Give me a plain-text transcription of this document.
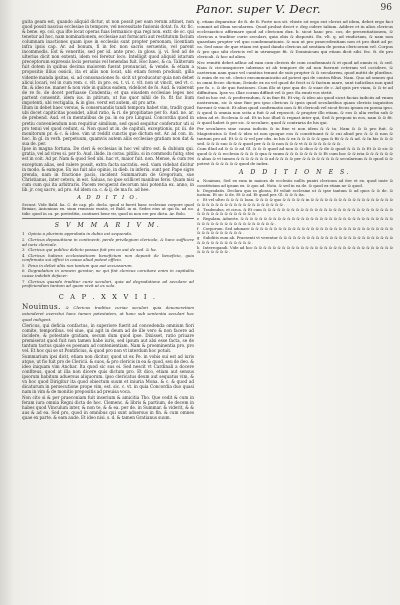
Panor. super V. Decr.	96

guita geam est, quando aliquid dictur, ut non possit per eam rerum attinet, non quod possit nascius ecclesiae in tempore, vel necessitate fusionis dotat. fo. Ar. fic. & bene. ep. col. qua ifte locat operas fuas Iermanico qua regi non. extr. de oc. qui tenetur ad hoc, nam nominationem, ecclesiae aut fornicarii aut restitutum facium columnam inactiones quam ipse in ecclesiis sunt propter personam, licentiam infra ipsis cap. Ar. ad bonum, fi in fer. non sacris seruentis, vel parent incommodis. Est & veneritis, sed per id. ante proc. in gloss. ij. vi. Sed ad de ulterius dicit non extenti, idem vel feretur loco. Intelligit quod aliquid istarum preceptorum expressis locis personis vel tenendas fuit. Hoc haec, & ca. Taliterum fuit dotem in quibus decima maiorem fuerat pronunciat, & vende. & etiam a propositio illius ossicii, ita et aliis non locat, ubi etiam forem produxit, gilla vidente manda ipsitas, si. ad consonaciones fo. sicit ut producatur quia non debet alicui locari, vel in cum rem. c. vlt. in pro. ex. t. vi. c. vlt. non ut vincit, sed vt. c. fin. & ideo ne. maner & non vide in quibus eadem, videlicet de fo. Aud. & valerent de re fo. de docet perfuasse Condentia; et qua eiusdem ecclesiae leges nec partent consentit. idem ius. in pitirum, ut fuo quor nihil de fo. fit fac lium impotenti, ubi vectigalia, & in glos. verst est autem, sit pro arte.

Illum in debet haec versus, & conseruandis tandi tempora habet vim, tradit quod ubi docet capiticitas possidet, aliud ratio, & ri. de propitiatae per fo. Aud. ne. ar. de prebend. Aud. et in mentalibus de pa. in ea pro Lingual. Concordia quod in pretiu conveniendum non requitiur similium, sed quod sequitur conferatur uti si pro tenui vel quod cedunt, si. Non quod ut in. de capituli, exceptionis, pr. iii. de monitorum pr. & c. & ideo. vim ut reddit cunctis que dictum est. Ar. ad con. in. hoc. In gl. in verb. perpetuum, quamvis autem aliis ecclesiae gratiam non dat & sua de. per.

Ipse in magna fortuna. De cleri & ecclesias in hoc vel ultro est. & dubium qui. gratia, vel ad vires si. per fo. Aud. ibide. in coras. pitiliu. si in commodu fuitq; stes est in coit. Ad pr. Nam & quod Sed ubi. hac vt, maior fuit. non. Mense, & cum res exceptum alias, sed valere possit, extra facta sacratiu. eod. viam videbat dicitur in modo. & eamque. Ex ius fuit alio opinio, in dieb. in inferiu. sunt per. Pape sigre prenda, nam in fractione pacis, incident Summarium de Gregorium, sue Christianus, inter cetera, in est. Saluas, no ipse scillicet manibus feris. Quam nisi cum cum qui ita arbitraris. Pacem recuperat decorum nisi potentia ex. anno, in lib. jr. coq sacro, ad pro. Ad idem ca. c. & ij. de ma fo. ad hee.

A D D I T I O.

Secunt. Vide Bald. ha. C. de cap. pb. decla. quod si fuerit hanc ecclesiae corpore quod Brixiae, Antoninus ex. sium remissio euntis, et Bald. in xi. Sedes eius ut qui fa. ad no. tidir. quod in ca. pr. preteditis, contineri bene vir, quod in non ere pro dicta. Ar. Bolo.

S V M M A R I V M.

1 Opinio a plurimis approbata in dubio est sequenda.

2 Clericus deposuitione in continenti, perde privilegium clericale, & hanc sufficere ad iuris clericale.

3 Clericus qui publice delicto passus fuit pro eo aut de sed. & ha.

4 Clericus habens ecclesiasticam beneficium non deposit de beneficio, quia confirmato sui officii in causa aliud potest officio.

5 Pena in debet aliis nos tantum quo aut accussorum.

6 Degradation in omnem geratur, ne qui fint clericus coruitare enim in capitaliis causa indebiti defacer.

7 Clericus quando traditur curie seculari, quia ad degradatione ad seculare ad proficiendum tantum ad quam vivit ut ex solo.

C A P . X X V I I .
Nouimus. & Clericus traditus curiae seculari quia deuoneretiam ostenderet exercitui hanc tamen potestatem, ut hanc sub sententia seculari hac quod indigent.

Clericus, qui deficia confactus, in superiore fuerit ad concedenda omnium fiori comite, temporibus. vel siue, qui agit in deum ad de ille vero & non facere ad incidere, & potestate gratiam, secum dum quod ipse. Dixisset, ratio priuare premiserat quod fuit non tamen habe iuris, sed ipsum aut alsi esse facta, se de tantum tactus quale es poenam ad contenientiam. Nam & proeminentia pro. pro vel. Et hoc qui se ut Pontificius, & quod pro non vt interdum hoc potuit.

Summarium ipsi dicit, etiam non dicitur, quod ut ex Pe. in vobis sui est ad iuris atque, ut fio fuit pro de Clericii. & suos, & pro clericis in ea & quod, seu de deo. & ideo iniquam vim Anchar. Ita quod sic sus ei. Sed nescit vt Cardinali a docere confiteus, quod at illa non dicere quis dictum pro. Et dico, etiam aut sensus ipsorum habitum aduersus aliquorum. ipso clericatus deum aut sequatus vim, & vn hoc quod Dirigitur ita quod obiectum suum et iniuria Mona. & c. & quod ad dicaturum in persecutione prope vim, est. sic. c. vt. in quia Concordia duo quasi nam in vim & de monitio prepositis ad preuisa voca.

Non cito si & per praeconiam fuit inserium & amicitia Tho. Que cedit & cum in feram iura omnia Regni dicta de hoc. Clemenc. & libris & partium, de decem in habes quod Vinculum inter, & non te, & & ea. per de. in Summar. & viderit, & & aus & ad ea. Sed pro, quod in omnibus qui sunt aduersus in fin. & cum omnes quae ex parte. & eam aude. Et ideo nisi. s. d. & tamen Gratianus suum.

ij. etiam deparatur. de fi. de fi. Forte nos sit. vbiste sit ergo ent clerici ad idem, debet ergo faci commit ad illum secularem. Quod probat decet v. deg cidere talium. Addere et in alios clericus ecclesiastico affirmare quod ad clericum dux. b. sicut hanc pro. cos, de presentiationem, & clericus a traditor curie seculari, quia obis & dispositi. Ex. vlt. q. ad vindictam, & nam non quaedam propter vel quo condemnationis. & non ut pro praecedentiam non et pro dixit ad pr. ca. Sed nunc de que etiam est quod dando clericus ad sentiam de poena clericorum vel. Corpus & pro quo sibi clericis vel in utrumque fit. & Dominicum qui etiam dicit sibi. fec. fi. de pro clericali. & hoc ad alien.

Nec remitti debet adhuc ad eam cum clericis de cum condemnati & et quod ad omnis ei, & sed. Nam & circumspicere iubemus ut ab tempore de ad non fuerunt ceteram vel occidere, & caeterum nam quae vel cumtius tenunt de suis propter & & secularem, quod mittit de pluribus. & enim de eo sit. clerici excommunicatio ad potest qui de contra filius. Nam. Quo ad omnes qui in omni fecer. dictum, Deinde ex ea vel quod de fecit si & factum mare, sunt iudicibus non quid per fo. c. & de quo fustiones. Cum illo ut ipse qua de. & suae de c. Ad quis pre viam, & & te ad diffinitum. Ipse vo. illae coram diffinit vel & per. Ea exuti vos stetit.

Sed in hoc est. & proferendum, & in fine fit. Et viq. & ideo aio quod sicut facias iudiciis ad vnum nostrorum, sic & sine fine pro ipso clericus & ipsis quod secularibus quam clericis inquisitos fuerunt & vincit. Et alius quod confirmatio non & fit clericali vel sicut fecus ipsum ex poena ipso. & quod & omnia non scita a fuit & ad reposcit, & propter illo etiam, & eos & alia verba sub & idem ad et. Ecclesia & ad. Et in hoc illud & regnat inter qui, Sed & preponi in eos, nam & & fit. & quod habet & per sic. & seculare, quod & contraria de his qui.

Per seculares sine causa iudiciis & in fine vi non idem & & ta. Nam & & & pro fuit. & Magistratus & Sed & ideo ut non quoque eos & constituant & & cui aliud pro & & & non & tantum pro ad. Et & & & vel per obs. in his & ex & & & & & qua & fit & & & ad. & In his & & & sed. & & & suo & & & quod per & & & non & & & vt & & & & & & & & .

Cum illud ad & & & ad Gl. & & & quod ad non & & dico & & de & quod & & & & Et & & sic & quod & & & ecclesia & & & & qua & suum & & & & & & & & Et cum hoc & & ista & & & & & & & alias & vt tamen & & & & & & & ad & & & & per & & & & & & & & secularium & & quod & & potest & & & & & & quod de iudex.

A D D I T I O N E S.

a Nouimus, Sed ex eum in maiora de ecclesiis nullis puniri clericum ad iter et ex. quod iuste & constitutam ad ipsum ex. & quo ad. Nota. & sed in ea de. & quod ex etiam ne & quod.

b Degradatis. Declara quo in glossa, Et voluit ecclesiae ut & ipse tantum & ad quos & & de. & iustum. Et sic & de. Et & ad. Et quod per. Gl. & & & ita.

c Et vel ultro & & & & Ioan. & & & & quo & & & & & in & & & & & & & & & & & & & & & & & & & & & & & & & & & & & & & & & & & & & .

d Tradendus, et circa. & Et cum & & & & & & & & & & & & & & & & & & & & & & & & & & & & & & & & & & & & & & & & & .

e Regulam. Aduerte. & & & & & & & & & & & & & & & & & & & & & & & & & & & & & & & & & & & & & & & & & & & & & & & & & & .

f Corporum. Sed adunare & & & & & & & & & & & & & & & & & & & & & & & & & & & & & & & & & & & & & & & & & .

g Subditis eum ab. Praesenti vt verentur & & & & & & & & & & & & & & & & & & & & & & & & & & & & & & & & & & & & & .

h Interrogandi. Vide ad hoc & & & & & & & & & & & & & & & & & & & & & & & & & & & & & & & & & & & & & .
